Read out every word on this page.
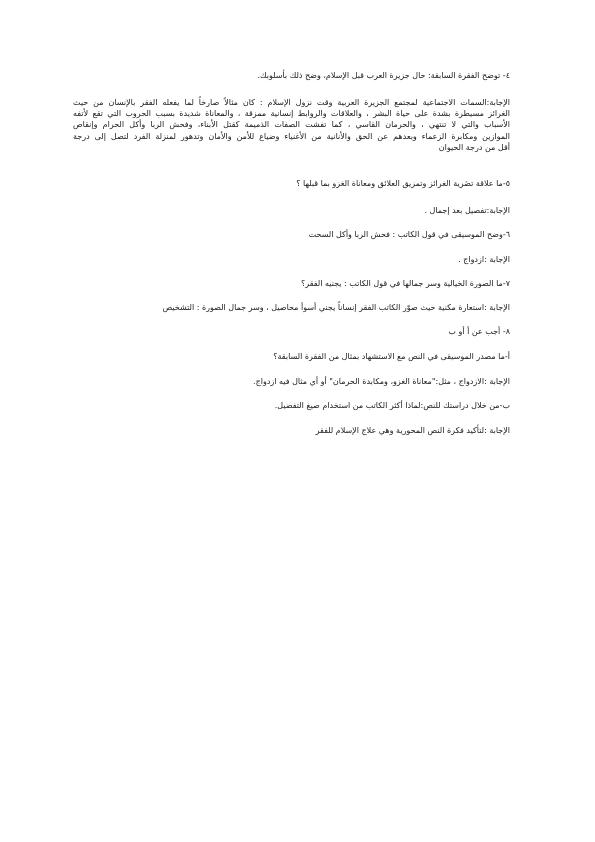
٤- توضح الفقرة السابقة: حال جزيرة العرب قبل الإسلام، وضح ذلك بأسلوبك.
الإجابة:السمات الاجتماعية لمجتمع الجزيرة العربية وقت نزول الإسلام : كان مثالاً صارخاً لما يفعله الفقر بالإنسان من حيث
الغرائز مسيطرة بشدة على حياة البشر ، والعلاقات والروابط إنسانية ممزقة ، والمعاناة شديدة بسبب الحروب التي تقع لأتفه
الأسباب والتي لا تنتهي ، والحرمان القاسي ، كما تفشت الصفات الذميمة كقتل الأبناء، وفحش الربا وأكل الحرام وإنقاص
الموازين ومكابرة الزعماء وبعدهم عن الحق والأنانية من الأغنياء وضياع للأمن والأمان وتدهور لمنزلة الفرد لتصل إلى درجة
أقل من درجة الحيوان
٥-ما علاقة تضَرية الغرائز وتمزيق العلائق ومعاناة الغزو بما قبلها ؟
الإجابة:تفصيل بعد إجمال .
٦-وضح الموسيقى في قول الكاتب : فحش الربا وأكل السحت
الإجابة :ازدواج .
٧-ما الصورة الخيالية وسر جمالها في قول الكاتب : يجنيه الفقر؟
الإجابة :استعارة مكنية حيث صوّر الكاتب الفقر إنساناً يجني أسوأ محاصيل ، وسر جمال الصورة : التشخيص
٨- أجب عن أ أو ب
أ-ما مصدر الموسيقى في النص مع الاستشهاد بمثال من الفقرة السابقة؟
الإجابة :الازدواج ، مثل:"معاناة الغزو، ومكابدة الحرمان" أو أي مثال فيه ازدواج.
ب-من خلال دراستك للنص:لماذا أكثر الكاتب من استخدام صيغ التفضيل.
الإجابة :لتأكيد فكرة النص المحورية وهي علاج الإسلام للفقر
